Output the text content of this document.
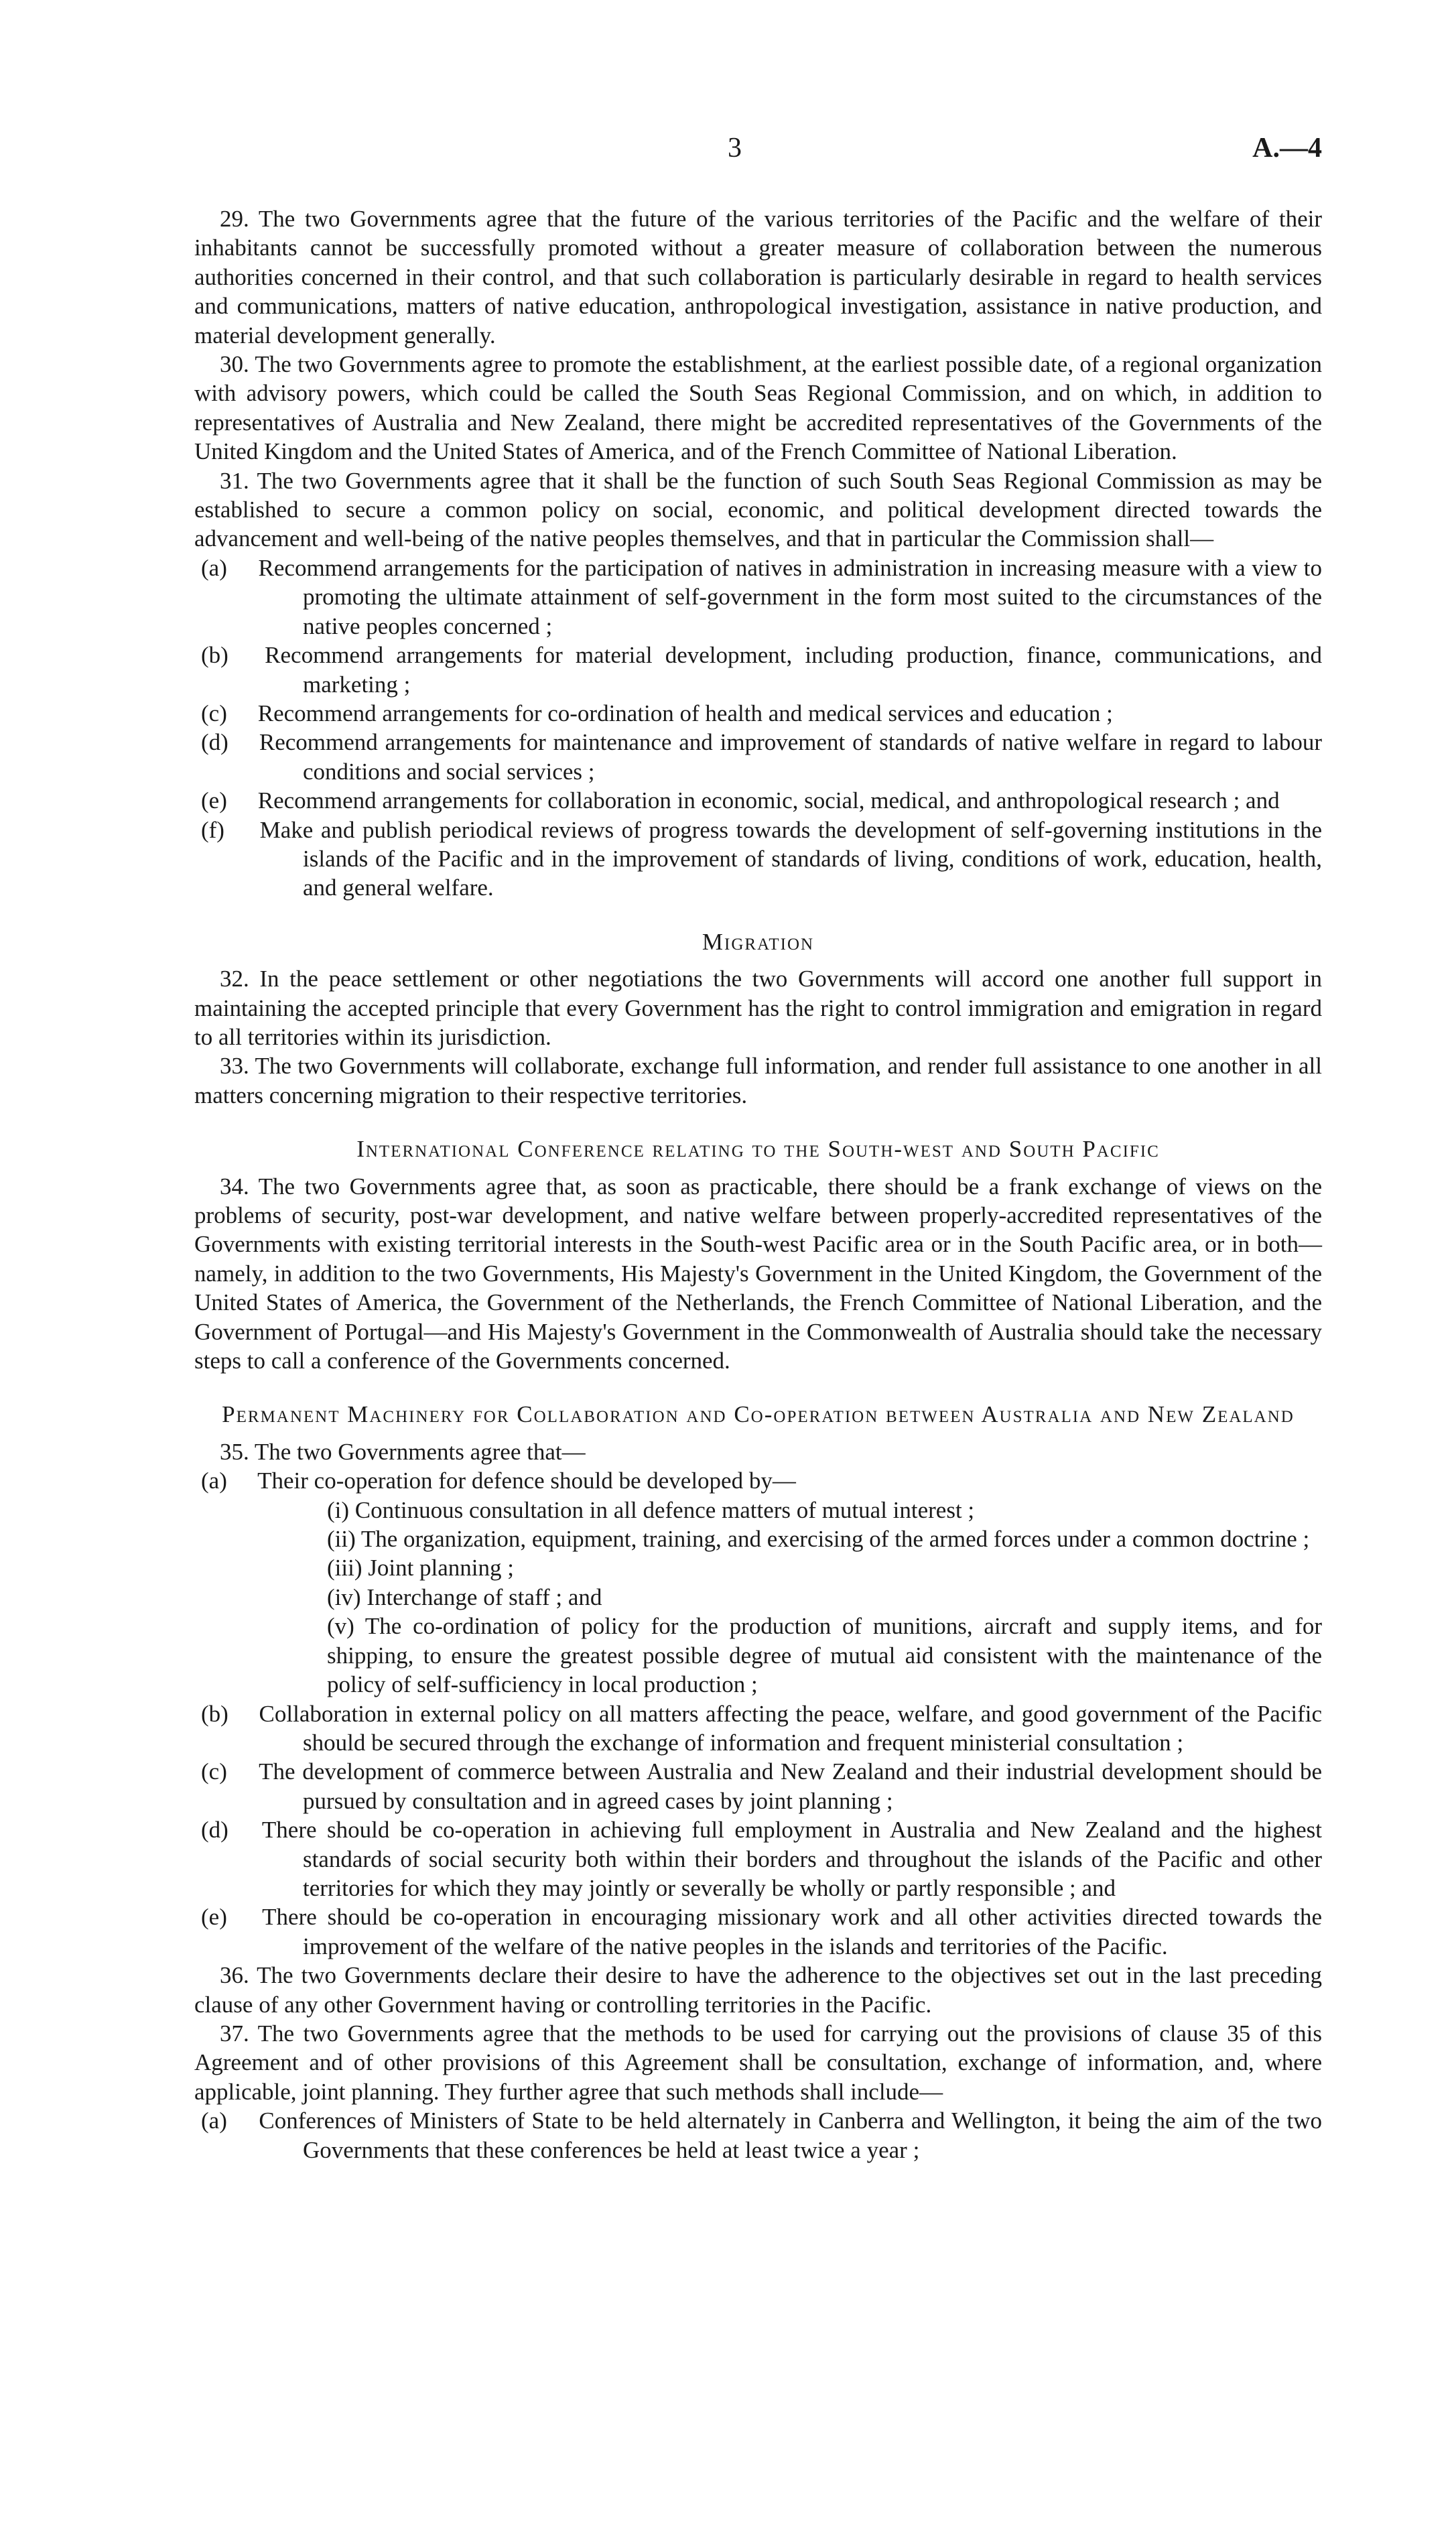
3	A.—4

29. The two Governments agree that the future of the various territories of the Pacific and the welfare of their inhabitants cannot be successfully promoted without a greater measure of collaboration between the numerous authorities concerned in their control, and that such collaboration is particularly desirable in regard to health services and communications, matters of native education, anthropological investigation, assistance in native production, and material development generally.

30. The two Governments agree to promote the establishment, at the earliest possible date, of a regional organization with advisory powers, which could be called the South Seas Regional Commission, and on which, in addition to representatives of Australia and New Zealand, there might be accredited representatives of the Governments of the United Kingdom and the United States of America, and of the French Committee of National Liberation.

31. The two Governments agree that it shall be the function of such South Seas Regional Commission as may be established to secure a common policy on social, economic, and political development directed towards the advancement and well-being of the native peoples themselves, and that in particular the Commission shall—

(a) Recommend arrangements for the participation of natives in administration in increasing measure with a view to promoting the ultimate attainment of self-government in the form most suited to the circumstances of the native peoples concerned ;

(b) Recommend arrangements for material development, including production, finance, communications, and marketing ;

(c) Recommend arrangements for co-ordination of health and medical services and education ;

(d) Recommend arrangements for maintenance and improvement of standards of native welfare in regard to labour conditions and social services ;

(e) Recommend arrangements for collaboration in economic, social, medical, and anthropological research ; and

(f) Make and publish periodical reviews of progress towards the development of self-governing institutions in the islands of the Pacific and in the improvement of standards of living, conditions of work, education, health, and general welfare.

Migration

32. In the peace settlement or other negotiations the two Governments will accord one another full support in maintaining the accepted principle that every Government has the right to control immigration and emigration in regard to all territories within its jurisdiction.

33. The two Governments will collaborate, exchange full information, and render full assistance to one another in all matters concerning migration to their respective territories.

International Conference relating to the South-west and South Pacific

34. The two Governments agree that, as soon as practicable, there should be a frank exchange of views on the problems of security, post-war development, and native welfare between properly-accredited representatives of the Governments with existing territorial interests in the South-west Pacific area or in the South Pacific area, or in both—namely, in addition to the two Governments, His Majesty's Government in the United Kingdom, the Government of the United States of America, the Government of the Netherlands, the French Committee of National Liberation, and the Government of Portugal—and His Majesty's Government in the Commonwealth of Australia should take the necessary steps to call a conference of the Governments concerned.

Permanent Machinery for Collaboration and Co-operation between Australia and New Zealand

35. The two Governments agree that—

(a) Their co-operation for defence should be developed by—

(i) Continuous consultation in all defence matters of mutual interest ;

(ii) The organization, equipment, training, and exercising of the armed forces under a common doctrine ;

(iii) Joint planning ;

(iv) Interchange of staff ; and

(v) The co-ordination of policy for the production of munitions, aircraft and supply items, and for shipping, to ensure the greatest possible degree of mutual aid consistent with the maintenance of the policy of self-sufficiency in local production ;

(b) Collaboration in external policy on all matters affecting the peace, welfare, and good government of the Pacific should be secured through the exchange of information and frequent ministerial consultation ;

(c) The development of commerce between Australia and New Zealand and their industrial development should be pursued by consultation and in agreed cases by joint planning ;

(d) There should be co-operation in achieving full employment in Australia and New Zealand and the highest standards of social security both within their borders and throughout the islands of the Pacific and other territories for which they may jointly or severally be wholly or partly responsible ; and

(e) There should be co-operation in encouraging missionary work and all other activities directed towards the improvement of the welfare of the native peoples in the islands and territories of the Pacific.

36. The two Governments declare their desire to have the adherence to the objectives set out in the last preceding clause of any other Government having or controlling territories in the Pacific.

37. The two Governments agree that the methods to be used for carrying out the provisions of clause 35 of this Agreement and of other provisions of this Agreement shall be consultation, exchange of information, and, where applicable, joint planning. They further agree that such methods shall include—

(a) Conferences of Ministers of State to be held alternately in Canberra and Wellington, it being the aim of the two Governments that these conferences be held at least twice a year ;
